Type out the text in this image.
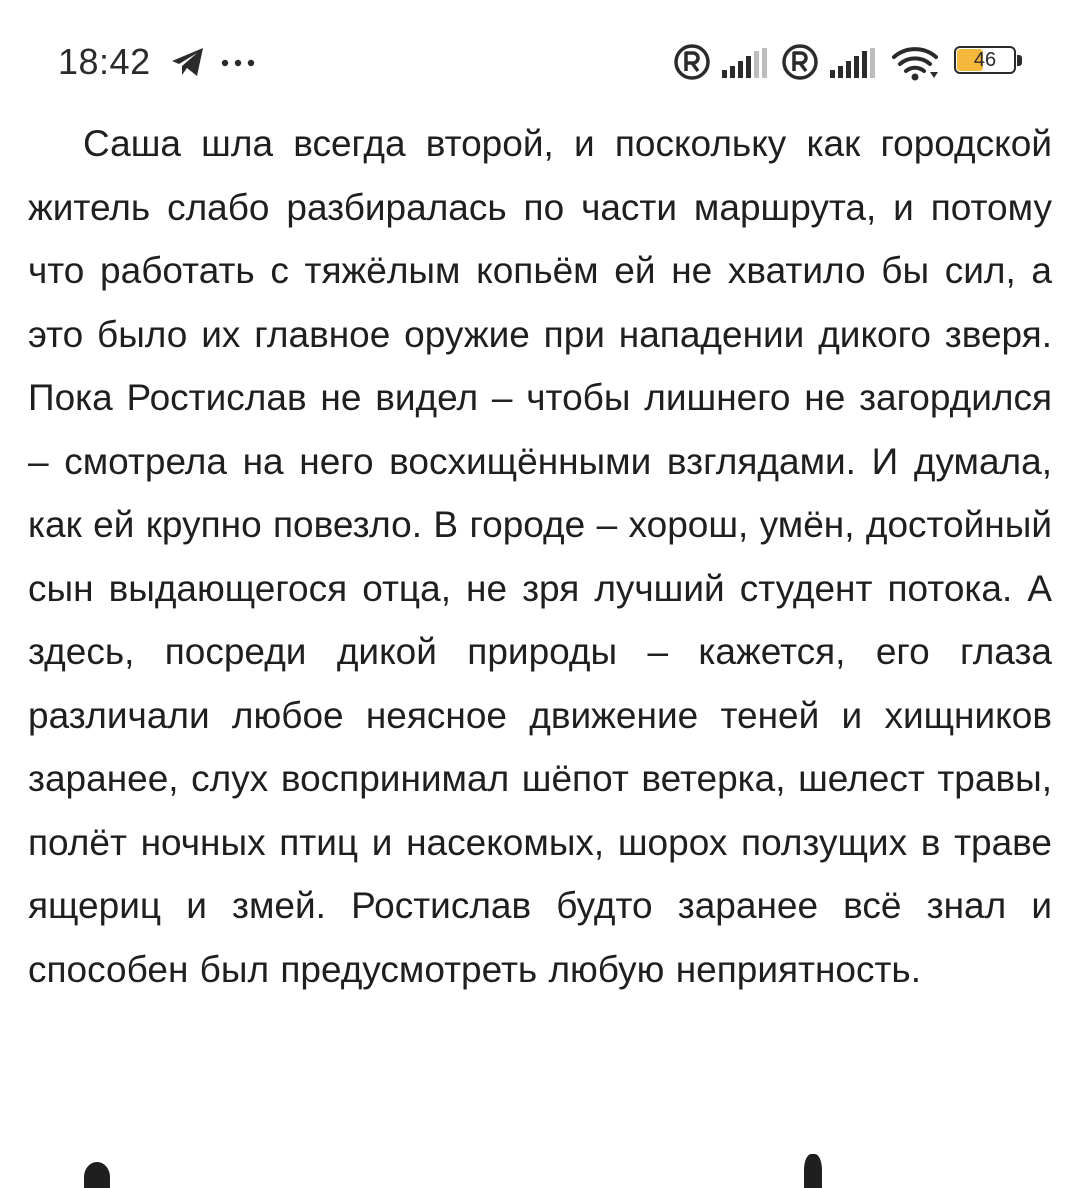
18:42	46

Саша шла всегда второй, и поскольку как городской житель слабо разбиралась по части маршрута, и потому что работать с тяжёлым копьём ей не хватило бы сил, а это было их главное оружие при нападении дикого зверя. Пока Ростислав не видел – чтобы лишнего не загордился – смотрела на него восхищёнными взглядами. И думала, как ей крупно повезло. В городе – хорош, умён, достойный сын выдающегося отца, не зря лучший студент потока. А здесь, посреди дикой природы – кажется, его глаза различали любое неясное движение теней и хищников заранее, слух воспринимал шёпот ветерка, шелест травы, полёт ночных птиц и насекомых, шорох ползущих в траве ящериц и змей. Ростислав будто заранее всё знал и способен был предусмотреть любую неприятность.
